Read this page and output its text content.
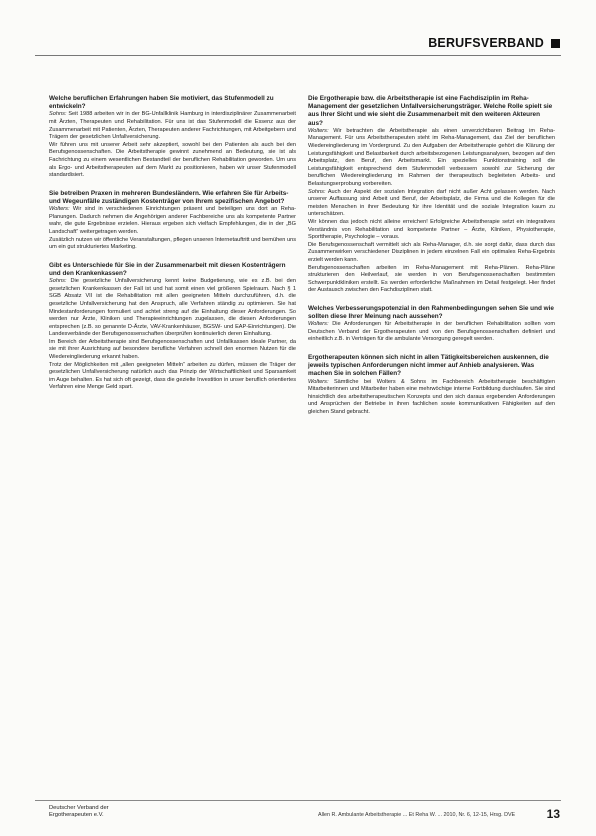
BERUFSVERBAND

Welche beruflichen Erfahrungen haben Sie motiviert, das Stufenmodell zu entwickeln?

Sohns: Seit 1988 arbeiten wir in der BG-Unfallklinik Hamburg in interdisziplinärer Zusammenarbeit mit Ärzten, Therapeuten und Rehabilitation. Für uns ist das Stufenmodell die Essenz aus der Zusammenarbeit mit Patienten, Ärzten, Therapeuten anderer Fachrichtungen, mit Arbeitgebern und Trägern der gesetzlichen Unfallversicherung.

Wir führen uns mit unserer Arbeit sehr akzeptiert, sowohl bei den Patienten als auch bei den Berufsgenossenschaften. Die Arbeitstherapie gewinnt zunehmend an Bedeutung, sie ist als Fachrichtung zu einem wesentlichen Bestandteil der beruflichen Rehabilitation geworden. Um uns als Ergo- und Arbeitstherapeuten auf dem Markt zu positionieren, haben wir unser Stufenmodell standardisiert.

Sie betreiben Praxen in mehreren Bundesländern. Wie erfahren Sie für Arbeits- und Wegeunfälle zuständigen Kostenträger von Ihrem spezifischen Angebot?

Wolters: Wir sind in verschiedenen Einrichtungen präsent und beteiligen uns dort an Reha-Planungen. Dadurch nehmen die Angehörigen anderer Fachbereiche uns als kompetente Partner wahr, die gute Ergebnisse erzielen. Hieraus ergeben sich vielfach Empfehlungen, die in der „BG Landschaft“ weitergetragen werden.

Zusätzlich nutzen wir öffentliche Veranstaltungen, pflegen unseren Internetauftritt und bemühen uns um ein gut strukturiertes Marketing.

Gibt es Unterschiede für Sie in der Zusammenarbeit mit diesen Kostenträgern und den Krankenkassen?

Sohns: Die gesetzliche Unfallversicherung kennt keine Budgetierung, wie es z.B. bei den gesetzlichen Krankenkassen der Fall ist und hat somit einen viel größeren Spielraum. Nach § 1 SGB Absatz VII ist die Rehabilitation mit allen geeigneten Mitteln durchzuführen, d.h. die gesetzliche Unfallversicherung hat den Anspruch, alle Verfahren ständig zu optimieren. Sie hat Mindestanforderungen formuliert und achtet streng auf die Einhaltung dieser Anforderungen. So werden nur Ärzte, Kliniken und Therapieeinrichtungen zugelassen, die diesen Anforderungen entsprechen (z.B. so genannte D-Ärzte, VAV-Krankenhäuser, BGSW- und EAP-Einrichtungen). Die Landesverbände der Berufsgenossenschaften überprüfen kontinuierlich deren Einhaltung.

Im Bereich der Arbeitstherapie sind Berufsgenossenschaften und Unfallkassen ideale Partner, da sie mit ihrer Ausrichtung auf besondere berufliche Verfahren schnell den enormen Nutzen für die Wiedereingliederung erkannt haben.

Trotz der Möglichkeiten mit „allen geeigneten Mitteln“ arbeiten zu dürfen, müssen die Träger der gesetzlichen Unfallversicherung natürlich auch das Prinzip der Wirtschaftlichkeit und Sparsamkeit im Auge behalten. Es hat sich oft gezeigt, dass die gezielte Investition in unser beruflich orientiertes Verfahren eine Menge Geld spart.

Die Ergotherapie bzw. die Arbeitstherapie ist eine Fachdisziplin im Reha-Management der gesetzlichen Unfallversicherungsträger. Welche Rolle spielt sie aus Ihrer Sicht und wie sieht die Zusammenarbeit mit den weiteren Akteuren aus?

Wolters: Wir betrachten die Arbeitstherapie als einen unverzichtbaren Beitrag im Reha-Management. Für uns Arbeitstherapeuten steht im Reha-Management, das Ziel der beruflichen Wiedereingliederung im Vordergrund. Zu den Aufgaben der Arbeitstherapie gehört die Klärung der Leistungsfähigkeit und Belastbarkeit durch arbeitsbezogenen Leistungsanalysen, bezogen auf den Arbeitsplatz, den Beruf, den Arbeitsmarkt. Ein spezielles Funktionstraining soll die Leistungsfähigkeit entsprechend dem Stufenmodell verbessern sowohl zur Sicherung der beruflichen Wiedereingliederung im Rahmen der therapeutisch begleiteten Arbeits- und Belastungserprobung vorbereiten.

Sohns: Auch der Aspekt der sozialen Integration darf nicht außer Acht gelassen werden. Nach unserer Auffassung sind Arbeit und Beruf, der Arbeitsplatz, die Firma und die Kollegen für die meisten Menschen in ihrer Bedeutung für ihre Identität und die soziale Integration kaum zu unterschätzen.

Wir können das jedoch nicht alleine erreichen! Erfolgreiche Arbeitstherapie setzt ein integratives Verständnis von Rehabilitation und kompetente Partner – Ärzte, Kliniken, Physiotherapie, Sporttherapie, Psychologie – voraus.

Die Berufsgenossenschaft vermittelt sich als Reha-Manager, d.h. sie sorgt dafür, dass durch das Zusammenwirken verschiedener Disziplinen in jedem einzelnen Fall ein optimales Reha-Ergebnis erzielt werden kann.

Berufsgenossenschaften arbeiten im Reha-Management mit Reha-Plänen. Reha-Pläne strukturieren den Heilverlauf, sie werden in von Berufsgenossenschaften bestimmten Schwerpunktkliniken erstellt. Es werden erforderliche Maßnahmen im Detail festgelegt. Hier findet der Austausch zwischen den Fachdisziplinen statt.

Welches Verbesserungspotenzial in den Rahmenbedingungen sehen Sie und wie sollten diese Ihrer Meinung nach aussehen?

Wolters: Die Anforderungen für Arbeitstherapie in der beruflichen Rehabilitation sollten vom Deutschen Verband der Ergotherapeuten und von den Berufsgenossenschaften definiert und einheitlich z.B. in Verträgen für die ambulante Versorgung geregelt werden.

Ergotherapeuten können sich nicht in allen Tätigkeitsbereichen auskennen, die jeweils typischen Anforderungen nicht immer auf Anhieb analysieren. Was machen Sie in solchen Fällen?

Wolters: Sämtliche bei Wolters & Sohns im Fachbereich Arbeitstherapie beschäftigten Mitarbeiterinnen und Mitarbeiter haben eine mehrwöchige interne Fortbildung durchlaufen. Sie sind hinsichtlich des arbeitstherapeutischen Konzepts und den sich daraus ergebenden Anforderungen und Ansprüchen der Betriebe in ihren fachlichen sowie kommunikativen Fähigkeiten auf den gleichen Stand gebracht.

Deutscher Verband der
Ergotherapeuten e.V.	Allen R. Ambulante Arbeitstherapie ... Et Reha W. ... 2010, Nr. 6, 12-15, Hrsg. DVE	13
